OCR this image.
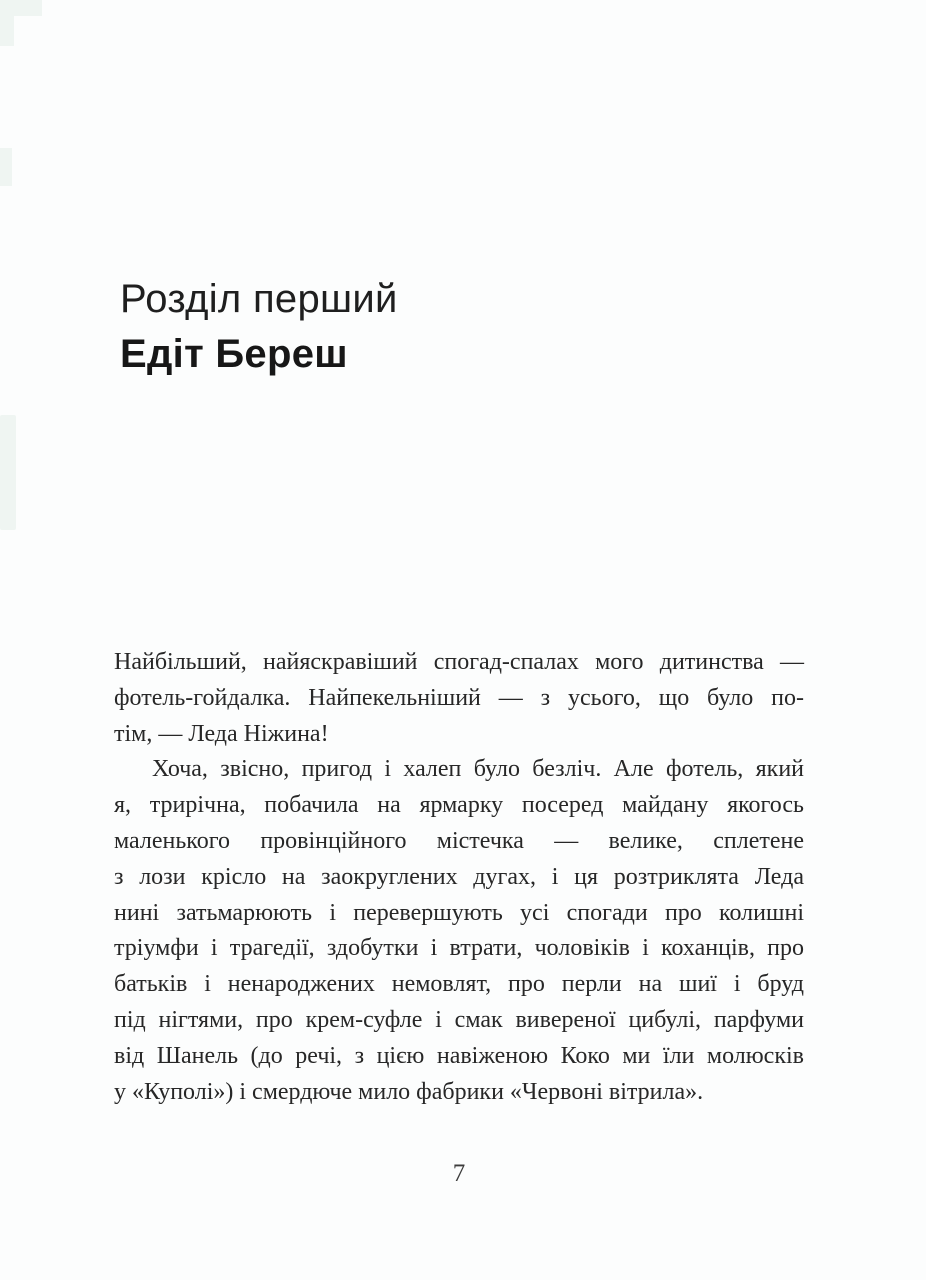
Розділ перший
Едіт Береш
Найбільший, найяскравіший спогад-спалах мого дитинства —
фотель-гойдалка. Найпекельніший — з усього, що було по-
тім, — Леда Ніжина!
Хоча, звісно, пригод і халеп було безліч. Але фотель, який
я, трирічна, побачила на ярмарку посеред майдану якогось
маленького провінційного містечка — велике, сплетене
з лози крісло на заокруглених дугах, і ця розтриклята Леда
нині затьмарюють і перевершують усі спогади про колишні
тріумфи і трагедії, здобутки і втрати, чоловіків і коханців, про
батьків і ненароджених немовлят, про перли на шиї і бруд
під нігтями, про крем-суфле і смак вивереної цибулі, парфуми
від Шанель (до речі, з цією навіженою Коко ми їли молюсків
у «Куполі») і смердюче мило фабрики «Червоні вітрила».
7
